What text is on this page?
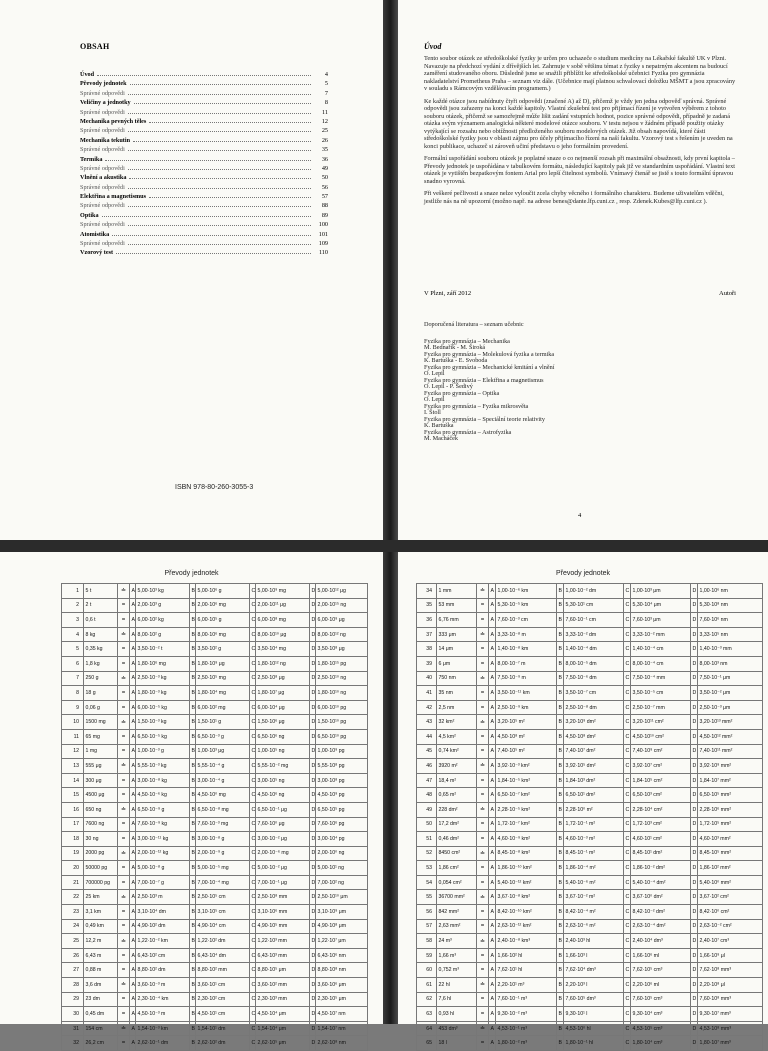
OBSAH
Úvod	4
Převody jednotek	5
Správné odpovědi	7
Veličiny a jednotky	8
Správné odpovědi	11
Mechanika pevných těles	12
Správné odpovědi	25
Mechanika tekutin	26
Správné odpovědi	35
Termika	36
Správné odpovědi	49
Vlnění a akustika	50
Správné odpovědi	56
Elektřina a magnetismus	57
Správné odpovědi	88
Optika	89
Správné odpovědi	100
Atomistika	101
Správné odpovědi	109
Vzorový test	110
ISBN 978-80-260-3055-3
Úvod

Tento soubor otázek ze středoškolské fyziky je určen pro uchazeče o studium medicíny na Lékařské fakultě UK v Plzni. Navazuje na předchozí vydání z dřívějších let. Zahrnuje v sobě většinu témat z fyziky s nepatrným akcentem na budoucí zaměření studovaného oboru. Důsledně jsme se snažili přiblížit ke středoškolské učebnici Fyzika pro gymnázia nakladatelství Prometheus Praha – seznam viz dále. (Učebnice mají platnou schvalovací doložku MŠMT a jsou zpracovány v souladu s Rámcovým vzdělávacím programem.)

Ke každé otázce jsou nabídnuty čtyři odpovědi (značené A) až D), přičemž je vždy jen jedna odpověď správná. Správné odpovědi jsou zařazeny na konci každé kapitoly. Vlastní zkušební test pro přijímací řízení je vytvořen výběrem z tohoto souboru otázek, přičemž se samozřejmě může lišit zadání vstupních hodnot, pozice správné odpovědi, případně je zadaná otázka svým významem analogická některé modelové otázce souboru. V testu nejsou v žádném případě použity otázky vytýkající se rozsahu nebo obtížnosti předloženého souboru modelových otázek. Již obsah napovídá, které části středoškolské fyziky jsou v oblasti zájmu pro účely přijímacího řízení na naší fakultu. Vzorový test s řešením je uveden na konci publikace, uchazeč si zároveň učiní představu o jeho formálním provedení.

Formální uspořádání souboru otázek je poplatné snaze o co nejmenší rozsah při maximální obsažnosti, kdy první kapitola – Převody jednotek je uspořádána v tabulkovém formátu, následující kapitoly pak již ve standardním uspořádání. Vlastní text otázek je vytištěn bezpatkovým fontem Arial pro lepší čitelnost symbolů. Vnímavý čtenář se jistě s touto formální úpravou snadno vyrovná.

Při veškeré pečlivosti a snaze nelze vyloučit zcela chyby věcného i formálního charakteru. Budeme uživatelům vděčni, jestliže nás na ně upozorní (možno např. na adrese benes@dante.lfp.cuni.cz , resp. Zdenek.Kubes@lfp.cuni.cz ).

V Plzni, září 2012	Autoři
Doporučená literatura – seznam učebnic
Fyzika pro gymnázia – Mechanika
M. Bednařík - M. Široká
Fyzika pro gymnázia – Molekulová fyzika a termika
K. Bartuška - E. Svoboda
Fyzika pro gymnázia – Mechanické kmitání a vlnění
O. Lepil
Fyzika pro gymnázia – Elektřina a magnetismus
O. Lepil - P. Šedivý
Fyzika pro gymnázia – Optika
O. Lepil
Fyzika pro gymnázia – Fyzika mikrosvěta
I. Štoll
Fyzika pro gymnázia – Speciální teorie relativity
K. Bartuška
Fyzika pro gymnázia – Astrofyzika
M. Macháček
4
Převody jednotek
1	5 t	≐	A	5,00·10³ kg	B	5,00·10⁶ g	C	5,00·10⁹ mg	D	5,00·10¹² μg
2	2 t	=	A	2,00·10³ g	B	2,00·10⁶ mg	C	2,00·10¹¹ μg	D	2,00·10¹⁵ ng
3	0,6 t	=	A	6,00·10² kg	B	6,00·10⁵ g	C	6,00·10⁸ mg	D	6,00·10⁹ μg
4	8 kg	≐	A	8,00·10² g	B	8,00·10⁶ mg	C	8,00·10¹⁰ μg	D	8,00·10¹² ng
5	0,35 kg	=	A	3,50·10⁻² t	B	3,50·10² g	C	3,50·10⁴ mg	D	3,50·10⁸ μg
6	1,8 kg	=	A	1,80·10⁶ mg	B	1,80·10⁹ μg	C	1,80·10¹² ng	D	1,80·10¹⁵ pg
7	250 g	≐	A	2,50·10⁻³ kg	B	2,50·10⁵ mg	C	2,50·10⁸ μg	D	2,50·10¹⁰ ng
8	18 g	=	A	1,80·10⁻³ kg	B	1,80·10⁴ mg	C	1,80·10⁷ μg	D	1,80·10¹⁰ ng
9	0,06 g	=	A	6,00·10⁻⁵ kg	B	6,00·10² mg	C	6,00·10⁴ μg	D	6,00·10¹⁰ pg
10	1500 mg	≐	A	1,50·10⁻³ kg	B	1,50·10¹ g	C	1,50·10⁶ μg	D	1,50·10¹⁰ pg
11	65 mg	=	A	6,50·10⁻⁵ kg	B	6,50·10⁻³ g	C	6,50·10⁶ ng	D	6,50·10¹⁰ pg
12	1 mg	=	A	1,00·10⁻³ g	B	1,00·10³ μg	C	1,00·10⁵ ng	D	1,00·10⁹ pg
13	555 μg	≐	A	5,55·10⁻³ kg	B	5,55·10⁻⁴ g	C	5,55·10⁻² mg	D	5,55·10⁸ pg
14	300 μg	=	A	3,00·10⁻⁸ kg	B	3,00·10⁻⁴ g	C	3,00·10⁵ ng	D	3,00·10⁸ pg
15	4500 μg	=	A	4,50·10⁻⁶ kg	B	4,50·10⁰ mg	C	4,50·10⁶ ng	D	4,50·10⁹ pg
16	650 ng	≐	A	6,50·10⁻⁹ g	B	6,50·10⁻⁸ mg	C	6,50·10⁻¹ μg	D	6,50·10⁵ pg
17	7600 ng	=	A	7,60·10⁻⁹ kg	B	7,60·10⁻³ mg	C	7,60·10⁰ μg	D	7,60·10⁶ pg
18	30 ng	=	A	3,00·10⁻¹¹ kg	B	3,00·10⁻⁸ g	C	3,00·10⁻² μg	D	3,00·10⁴ pg
19	2000 pg	≐	A	2,00·10⁻¹² kg	B	2,00·10⁻⁹ g	C	2,00·10⁻⁶ mg	D	2,00·10⁰ ng
20	50000 pg	=	A	5,00·10⁻⁸ g	B	5,00·10⁻⁵ mg	C	5,00·10⁻² μg	D	5,00·10¹ ng
21	700000 pg	=	A	7,00·10⁻⁷ g	B	7,00·10⁻⁴ mg	C	7,00·10⁻¹ μg	D	7,00·10² ng
22	25 km	≐	A	2,50·10³ m	B	2,50·10⁵ cm	C	2,50·10⁸ mm	D	2,50·10¹⁰ μm
23	3,1 km	=	A	3,10·10⁴ dm	B	3,10·10⁵ cm	C	3,10·10⁶ mm	D	3,10·10⁹ μm
24	0,49 km	=	A	4,90·10² dm	B	4,90·10⁴ cm	C	4,90·10⁵ mm	D	4,90·10⁸ μm
25	12,2 m	≐	A	1,22·10⁻² km	B	1,22·10² dm	C	1,22·10³ mm	D	1,22·10⁷ μm
26	6,43 m	=	A	6,43·10² cm	B	6,43·10⁴ dm	C	6,43·10³ mm	D	6,43·10⁶ nm
27	0,88 m	=	A	8,80·10² dm	B	8,80·10² mm	C	8,80·10⁵ μm	D	8,80·10⁸ nm
28	3,6 dm	≐	A	3,60·10⁻³ m	B	3,60·10¹ cm	C	3,60·10² mm	D	3,60·10⁶ μm
29	23 dm	=	A	2,30·10⁻⁴ km	B	2,30·10² cm	C	2,30·10³ mm	D	2,30·10⁵ μm
30	0,45 dm	=	A	4,50·10⁻³ m	B	4,50·10¹ cm	C	4,50·10⁴ μm	D	4,50·10⁷ nm
31	154 cm	≐	A	1,54·10⁻³ km	B	1,54·10¹ dm	C	1,54·10⁴ μm	D	1,54·10⁷ nm
32	26,2 cm	=	A	2,62·10⁻¹ dm	B	2,62·10² dm	C	2,62·10⁵ μm	D	2,62·10⁸ nm
Převody jednotek
34	1 mm	≐	A	1,00·10⁻⁶ km	B	1,00·10⁻² dm	C	1,00·10³ μm	D	1,00·10⁶ nm
35	53 mm	=	A	5,30·10⁻⁵ km	B	5,30·10¹ cm	C	5,30·10⁴ μm	D	5,30·10⁸ nm
36	6,76 mm	=	A	7,60·10⁻³ cm	B	7,60·10⁻¹ cm	C	7,60·10³ μm	D	7,60·10⁶ nm
37	333 μm	≐	A	3,33·10⁻⁸ m	B	3,33·10⁻² dm	C	3,33·10⁻² mm	D	3,33·10⁵ nm
38	14 μm	=	A	1,40·10⁻⁸ km	B	1,40·10⁻⁴ dm	C	1,40·10⁻⁴ cm	D	1,40·10⁻³ mm
39	6 μm	=	A	8,00·10⁻⁷ m	B	8,00·10⁻⁵ dm	C	8,00·10⁻⁴ cm	D	8,00·10³ nm
40	750 nm	≐	A	7,50·10⁻⁹ m	B	7,50·10⁻⁶ dm	C	7,50·10⁻⁴ mm	D	7,50·10⁻¹ μm
41	35 nm	=	A	3,50·10⁻¹¹ km	B	3,50·10⁻⁷ cm	C	3,50·10⁻⁵ cm	D	3,50·10⁻² μm
42	2,5 nm	=	A	2,50·10⁻⁹ km	B	2,50·10⁻⁸ dm	C	2,50·10⁻⁷ mm	D	2,50·10⁻³ μm
43	32 km²	≐	A	3,20·10⁵ m²	B	3,20·10⁹ dm²	C	3,20·10¹¹ cm²	D	3,20·10¹³ mm²
44	4,5 km²	=	A	4,50·10⁸ m²	B	4,50·10⁸ dm²	C	4,50·10¹⁰ cm²	D	4,50·10¹² mm²
45	0,74 km²	=	A	7,40·10⁵ m²	B	7,40·10⁷ dm²	C	7,40·10⁹ cm²	D	7,40·10¹¹ mm²
46	3920 m²	≐	A	3,92·10⁻³ km²	B	3,92·10⁵ dm²	C	3,92·10⁷ cm²	D	3,92·10⁹ mm²
47	18,4 m²	=	A	1,84·10⁻⁵ km²	B	1,84·10³ dm²	C	1,84·10⁵ cm²	D	1,84·10⁷ mm²
48	0,65 m²	=	A	6,50·10⁻⁷ km²	B	6,50·10¹ dm²	C	6,50·10³ cm²	D	6,50·10⁵ mm²
49	228 dm²	≐	A	2,28·10⁻⁵ km²	B	2,28·10⁰ m²	C	2,28·10⁴ cm²	D	2,28·10⁶ mm²
50	17,2 dm²	=	A	1,72·10⁻⁷ km²	B	1,72·10⁻¹ m²	C	1,72·10³ cm²	D	1,72·10⁵ mm²
51	0,46 dm²	=	A	4,60·10⁻⁹ km²	B	4,60·10⁻³ m²	C	4,60·10¹ cm²	D	4,60·10³ mm²
52	8450 cm²	≐	A	8,45·10⁻⁸ km²	B	8,45·10⁻¹ m²	C	8,45·10¹ dm²	D	8,45·10⁵ mm²
53	1,86 cm²	=	A	1,86·10⁻¹⁰ km²	B	1,86·10⁻⁴ m²	C	1,86·10⁻² dm²	D	1,86·10² mm²
54	0,054 cm²	=	A	5,40·10⁻¹² km²	B	5,40·10⁻⁶ m²	C	5,40·10⁻⁴ dm²	D	5,40·10⁰ mm²
55	36700 mm²	≐	A	3,67·10⁻⁸ km²	B	3,67·10⁻² m²	C	3,67·10⁰ dm²	D	3,67·10² cm²
56	842 mm²	=	A	8,42·10⁻¹⁰ km²	B	8,42·10⁻⁴ m²	C	8,42·10⁻² dm²	D	8,42·10⁰ cm²
57	2,63 mm²	=	A	2,63·10⁻¹² km²	B	2,63·10⁻⁶ m²	C	2,63·10⁻⁴ dm²	D	2,63·10⁻² cm²
58	24 m³	≐	A	2,40·10⁻⁸ km³	B	2,40·10³ hl	C	2,40·10⁴ dm³	D	2,40·10⁷ cm³
59	1,66 m³	=	A	1,66·10² hl	B	1,66·10³ l	C	1,66·10⁶ ml	D	1,66·10⁹ μl
60	0,752 m³	=	A	7,62·10¹ hl	B	7,62·10⁴ dm³	C	7,62·10⁵ cm³	D	7,62·10⁸ mm³
61	22 hl	≐	A	2,20·10¹ m³	B	2,20·10³ l	C	2,20·10⁶ ml	D	2,20·10⁸ μl
62	7,6 hl	=	A	7,60·10⁻¹ m³	B	7,60·10⁵ dm³	C	7,60·10⁵ cm³	D	7,60·10⁸ mm³
63	0,93 hl	=	A	9,30·10⁻² m³	B	9,30·10¹ l	C	9,30·10⁴ cm³	D	9,30·10⁷ mm³
64	453 dm³	≐	A	4,53·10⁻¹ m³	B	4,53·10⁰ hl	C	4,53·10⁵ cm³	D	4,53·10⁸ mm³
65	18 l	=	A	1,80·10⁻² m³	B	1,80·10⁻¹ hl	C	1,80·10⁴ cm³	D	1,80·10⁷ mm³
